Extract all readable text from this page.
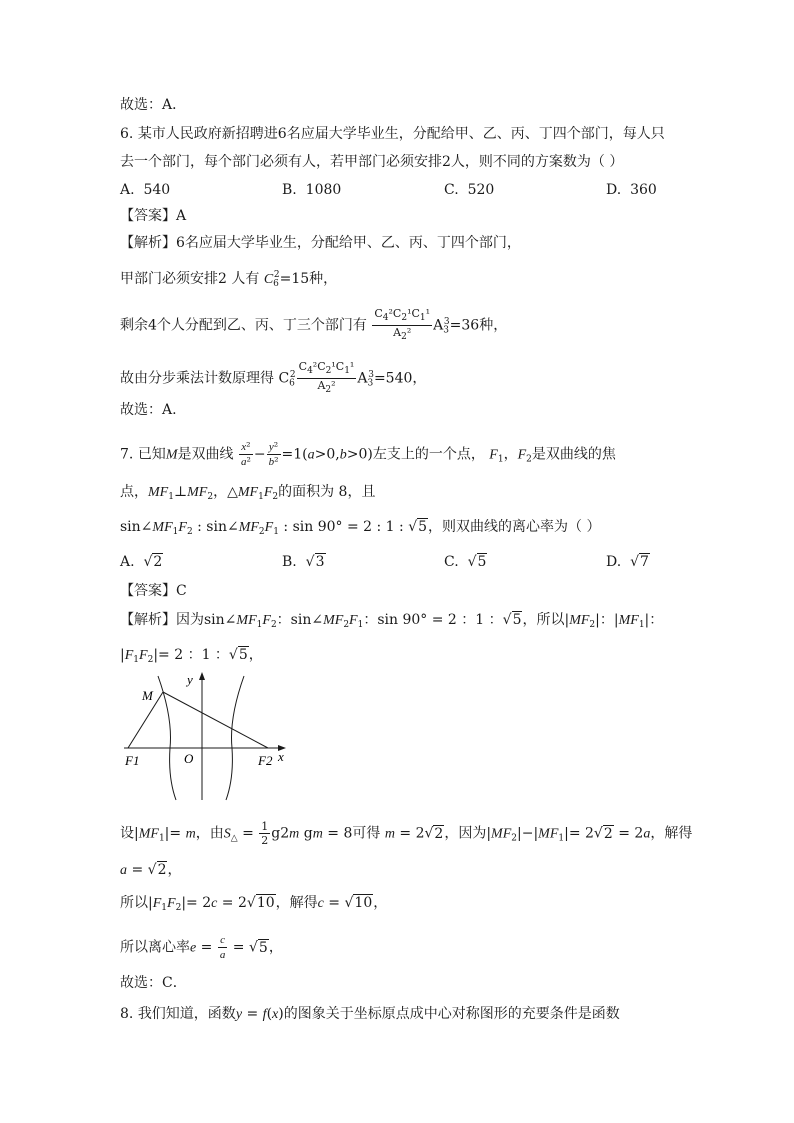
故选：A．
6. 某市人民政府新招聘进6名应届大学毕业生，分配给甲、乙、丙、丁四个部门，每人只
去一个部门，每个部门必须有人，若甲部门必须安排2人，则不同的方案数为（ ）
A. 540	B. 1080	C. 520	D. 360
【答案】A
【解析】6名应届大学毕业生，分配给甲、乙、丙、丁四个部门，
甲部门必须安排2 人有 $C_6^2=15$种，
剩余4个人分配到乙、丙、丁三个部门有 $\frac{C_4^2C_2^1C_1^1}{A_2^2} A_3^3=36$种，
故由分步乘法计数原理得 $C_6^2 \frac{C_4^2C_2^1C_1^1}{A_2^2} A_3^3=540$，
故选：A.
7. 已知M是双曲线 $\frac{\text{x²}}{\text{a²}} - \frac{\text{y²}}{\text{b²}} =1(a>0,b>0)$左支上的一个点， $F_1$，$F_2$是双曲线的焦
点，$MF_1\perp MF_2$，$\triangle MF_1F_2$的面积为 8，且
$\sin\angle MF_1F_2$ : $\sin\angle MF_2F_1$ : sin 90° = 2 : 1 : √5，则双曲线的离心率为（ ）
A.  √2	B.  √3	C.  √5	D.  √7
【答案】C
【解析】因为$\sin\angle MF_1F_2$：$\sin\angle MF_2F_1$：sin 90° = 2 ：1 ：√5，所以$|MF_2|$：$|MF_1|$：
$|F_1F_2|= 2$ ：1 ：√5，
y
M
F1	O	F2 x
设$|MF_1|= m$，由$S_\triangle = \frac{1}{2} g2m$ gm = 8可得 m = 2√2，因为$|MF_2|-|MF_1|= 2√2 = 2a$，解得
a = √2，
所以$|F_1F_2|= 2c = 2√10$，解得c = √10，
所以离心率$e = \frac{c}{a} = √5$，
故选：C．
8. 我们知道，函数y = f(x)的图象关于坐标原点成中心对称图形的充要条件是函数
